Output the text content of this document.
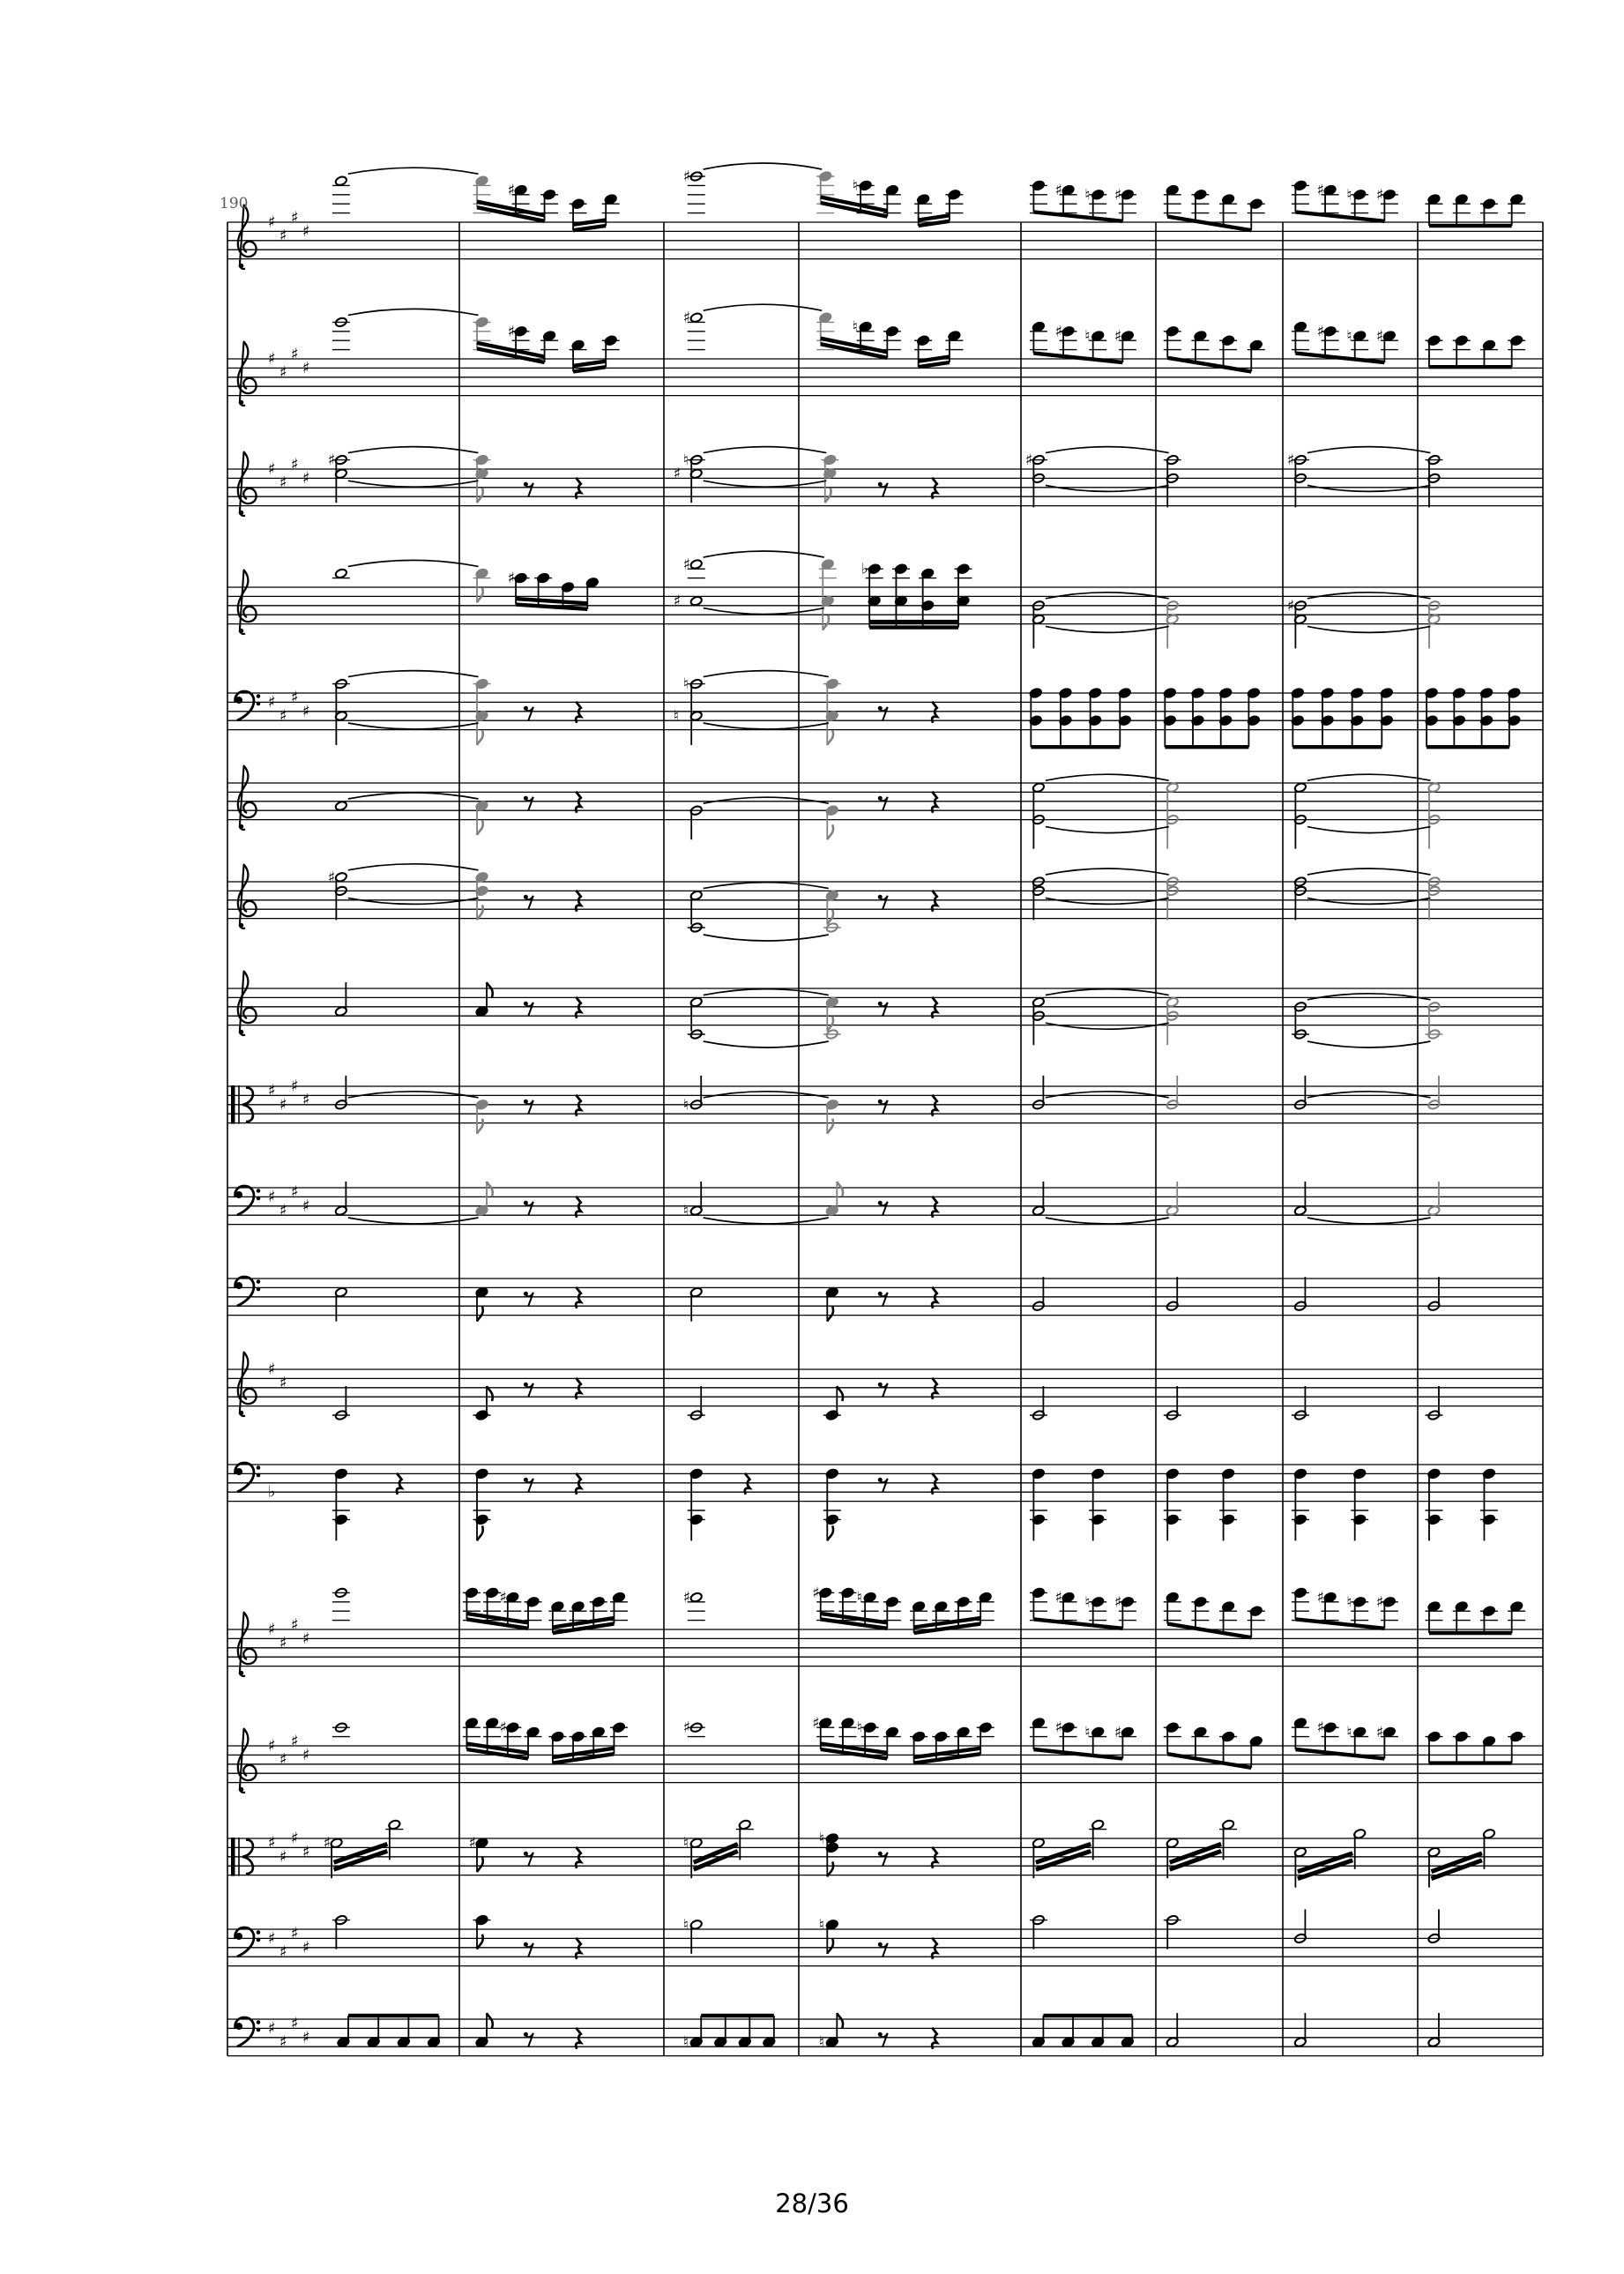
♯
♯
♯
♯
♯
♯
♮	♯ ♮ ♯	♯ ♮ ♯
♯
♯
♯
♯
♯
♯
♮	♯ ♮ ♯	♯ ♮ ♯
♯
♯
♯
♯
♯	♮
♯
♯	♯
♯
♯
♯
♭
♯
♯
♯
♯
♯
♮
♮
♯
♯
♯
♯
♯	♮
♯
♯
♯
♯	♮
♯
♯
♭
♯
♯
♯
♯
♯	♯	♯ ♮	♯ ♮ ♯	♯ ♮ ♯
♯
♯
♯
♯
♯	♯	♯ ♮	♯ ♮ ♯	♯ ♮ ♯
♯
♯
♯
♯ ♯	♯	♮	♮
♯
♯
♯
♯
♮	♮
♯
♯
♯
♯	♮	♮
190
28/36
